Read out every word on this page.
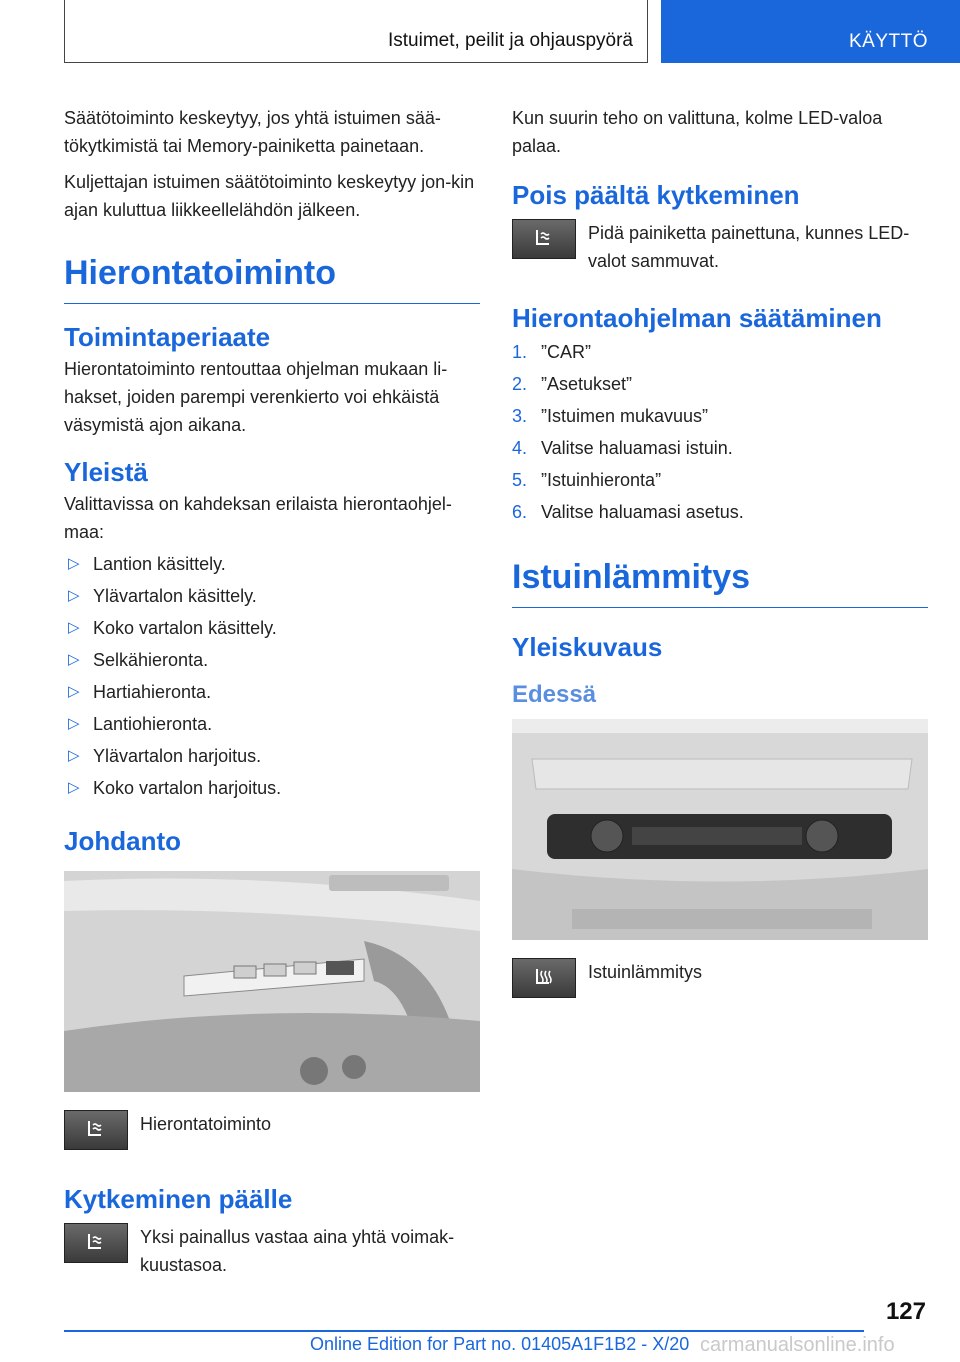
Istuimet, peilit ja ohjauspyörä	KÄYTTÖ

Säätötoiminto keskeytyy, jos yhtä istuimen sää-tökytkimistä tai Memory-painiketta painetaan.

Kuljettajan istuimen säätötoiminto keskeytyy jon-kin ajan kuluttua liikkeellelähdön jälkeen.

Hierontatoiminto
Toimintaperiaate

Hierontatoiminto rentouttaa ohjelman mukaan li-hakset, joiden parempi verenkierto voi ehkäistä väsymistä ajon aikana.

Yleistä

Valittavissa on kahdeksan erilaista hierontaohjel-maa:

▷ Lantion käsittely.
▷ Ylävartalon käsittely.
▷ Koko vartalon käsittely.
▷ Selkähieronta.
▷ Hartiahieronta.
▷ Lantiohieronta.
▷ Ylävartalon harjoitus.
▷ Koko vartalon harjoitus.
Johdanto
Hierontatoiminto
Kytkeminen päälle
Yksi painallus vastaa aina yhtä voimak-kuustasoa.

Kun suurin teho on valittuna, kolme LED-valoa palaa.

Pois päältä kytkeminen
Pidä painiketta painettuna, kunnes LED-valot sammuvat.
Hierontaohjelman säätäminen
1. ”CAR”
2. ”Asetukset”
3. ”Istuimen mukavuus”
4. Valitse haluamasi istuin.
5. ”Istuinhieronta”
6. Valitse haluamasi asetus.
Istuinlämmitys
Yleiskuvaus
Edessä
Istuinlämmitys
127
Online Edition for Part no. 01405A1F1B2 - X/20 carmanualsonline.info
